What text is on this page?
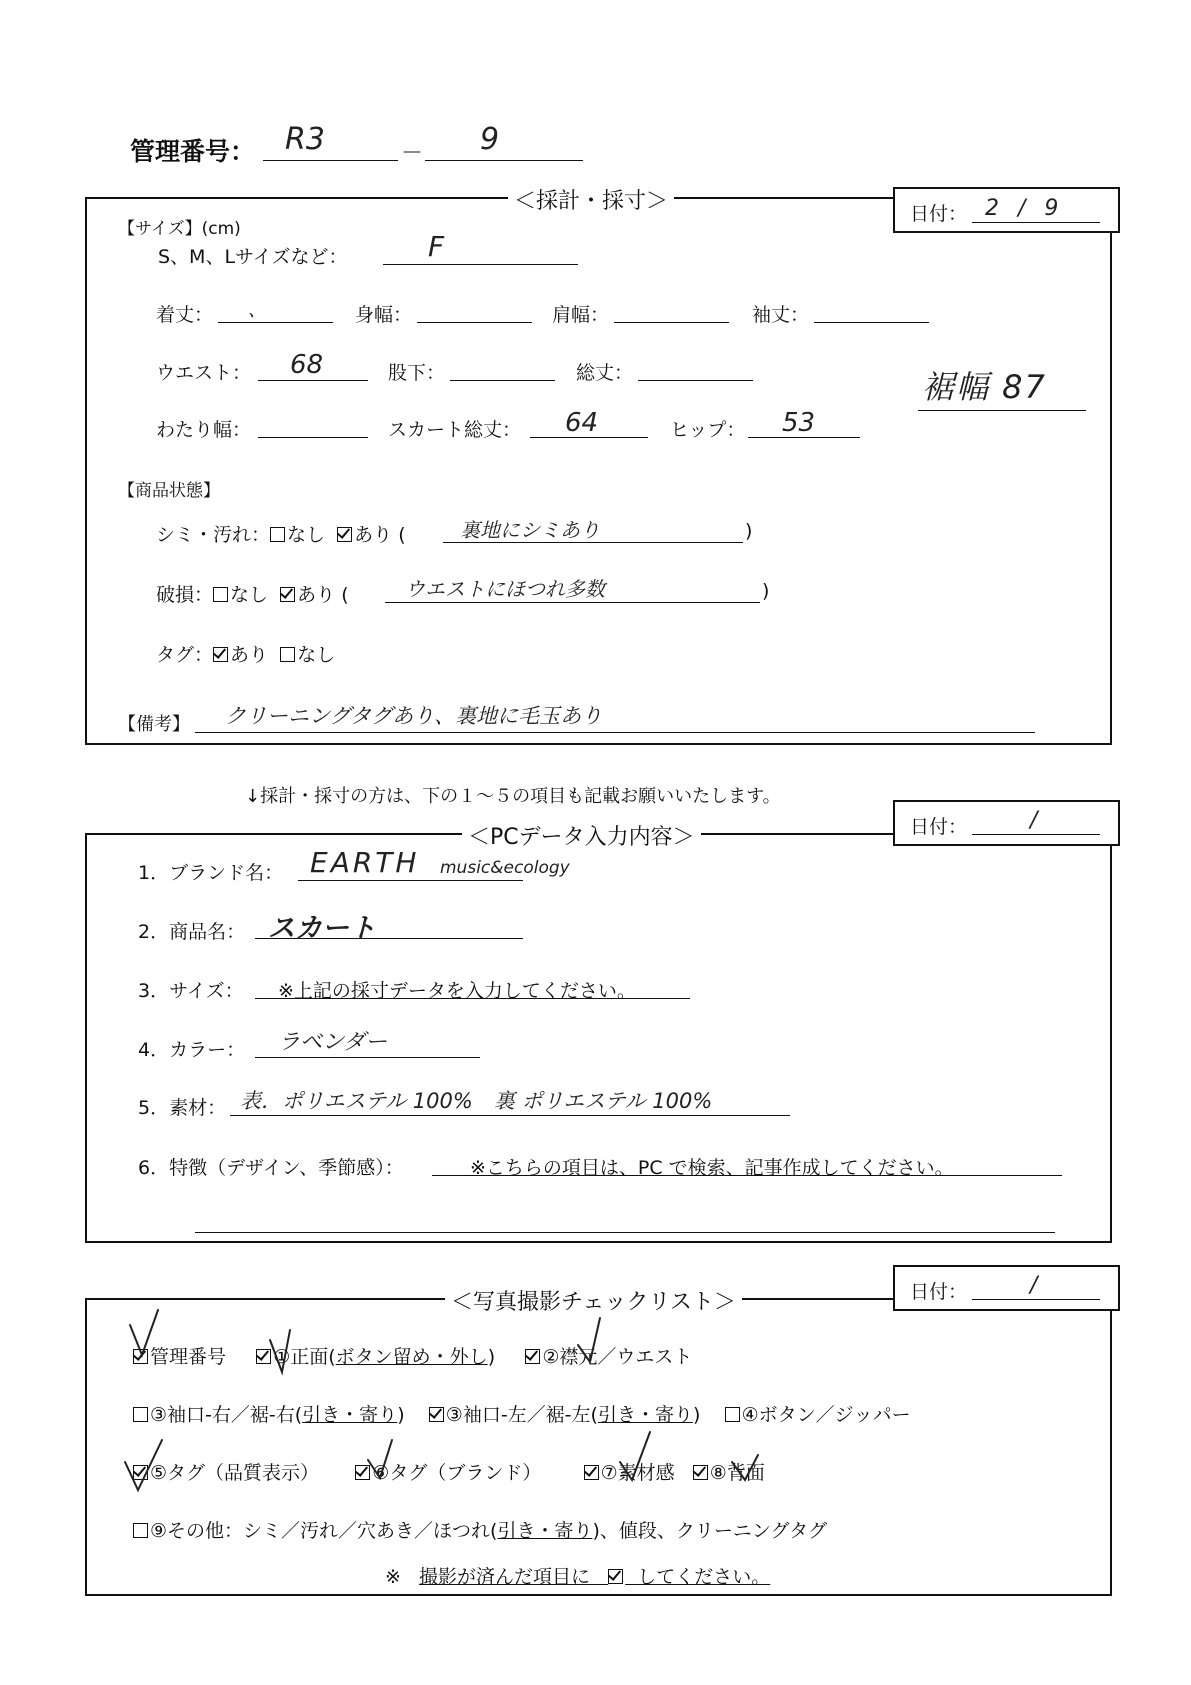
管理番号： R3	－ 9
＜採計・採寸＞	日付： 2 / 9
【サイズ】(cm)
S、M、Lサイズなど：	F
着丈： 、	身幅：	肩幅：	袖丈：
ウエスト： 68	股下：	総丈：	裾幅 87
わたり幅：	スカート総丈： 64	ヒップ： 53
【商品状態】
シミ・汚れ： なし あり (	裏地にシミあり	)
破損： なし あり (	ウエストにほつれ多数	)
タグ： あり なし
【備考】 クリーニングタグあり、裏地に毛玉あり
↓採計・採寸の方は、下の１～５の項目も記載お願いいたします。
＜PCデータ入力内容＞	日付：	/
1．ブランド名： EARTH music&ecology
2．商品名： スカート
3．サイズ： ※上記の採寸データを入力してください。
4．カラー： ラベンダー
5．素材： 表．ポリエステル 100%　裏 ポリエステル 100%
6．特徴（デザイン、季節感）：	※こちらの項目は、PC で検索、記事作成してください。
＜写真撮影チェックリスト＞	日付：	/
管理番号 ①正面(ボタン留め・外し) ②襟元／ウエスト
③袖口-右／裾-右(引き・寄り) ③袖口-左／裾-左(引き・寄り) ④ボタン／ジッパー
⑤タグ（品質表示）	⑥タグ（ブランド）	⑦素材感 ⑧背面
⑨その他：シミ／汚れ／穴あき／ほつれ(引き・寄り)、値段、クリーニングタグ
※ 撮影が済んだ項目に してください。
